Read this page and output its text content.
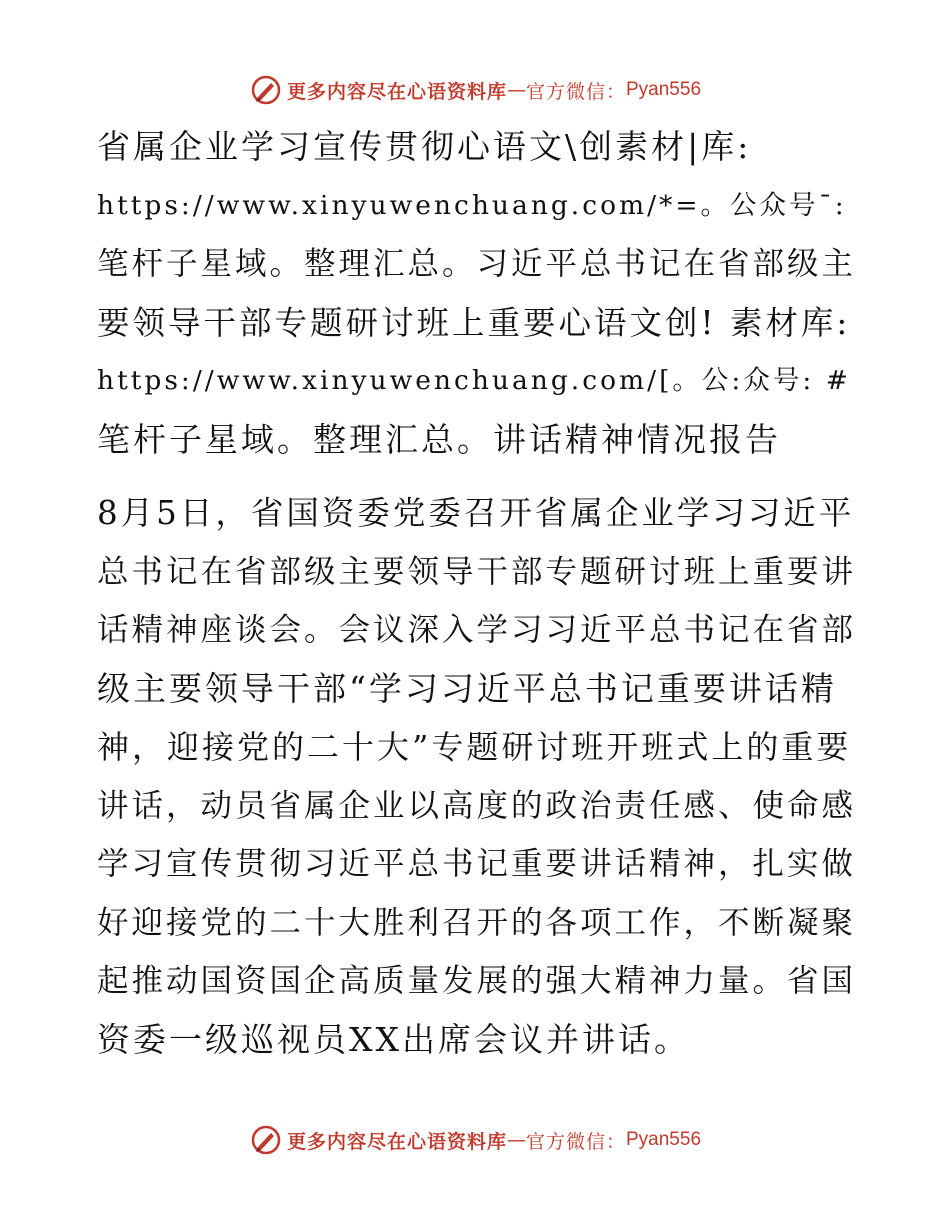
更多内容尽在心语资料库 — 官方微信： Pyan556
省属企业学习宣传贯彻心语文\创素材|库:
https://www.xinyuwenchuang.com/*=。公众号¯:
笔杆子星域。整理汇总。习近平总书记在省部级主
要领导干部专题研讨班上重要心语文创! 素材库:
https://www.xinyuwenchuang.com/[。公:众号: #
笔杆子星域。整理汇总。讲话精神情况报告
8月5日，省国资委党委召开省属企业学习习近平
总书记在省部级主要领导干部专题研讨班上重要讲
话精神座谈会。会议深入学习习近平总书记在省部
级主要领导干部“学习习近平总书记重要讲话精
神，迎接党的二十大”专题研讨班开班式上的重要
讲话，动员省属企业以高度的政治责任感、使命感
学习宣传贯彻习近平总书记重要讲话精神，扎实做
好迎接党的二十大胜利召开的各项工作，不断凝聚
起推动国资国企高质量发展的强大精神力量。省国
资委一级巡视员XX出席会议并讲话。
更多内容尽在心语资料库 — 官方微信： Pyan556
